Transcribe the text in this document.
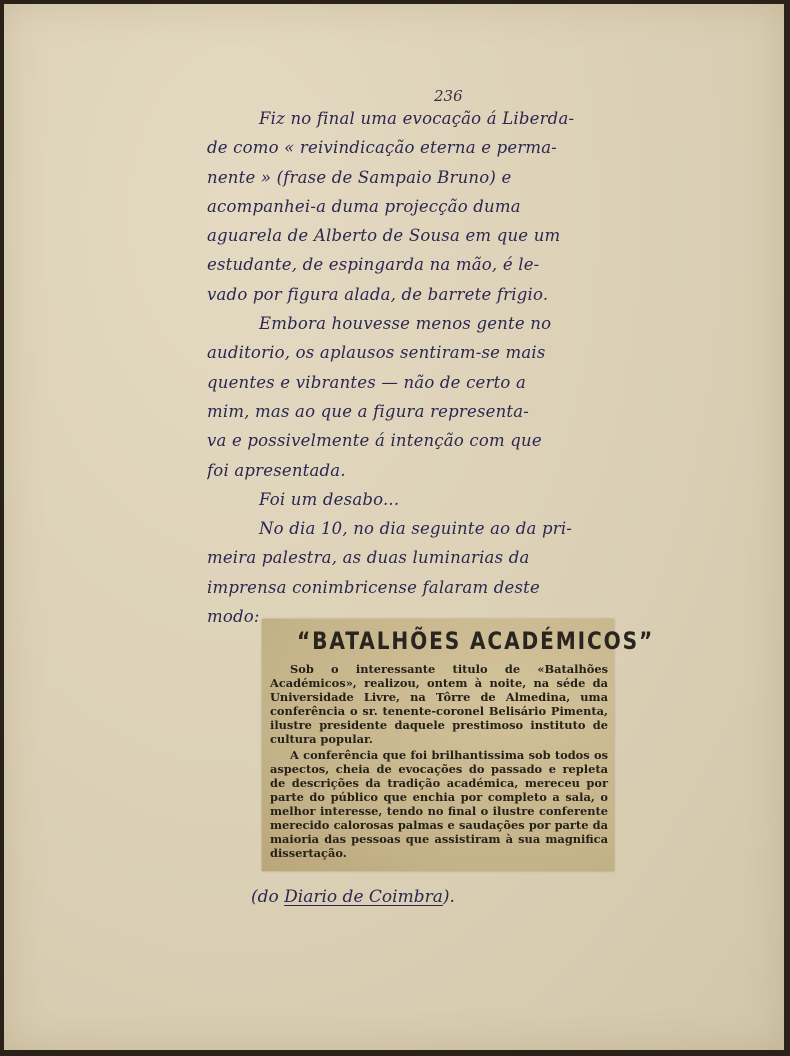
236
Fiz no final uma evocação á Liberda-
de como « reivindicação eterna e perma-
nente » (frase de Sampaio Bruno) e
acompanhei-a duma projecção duma
aguarela de Alberto de Sousa em que um
estudante, de espingarda na mão, é le-
vado por figura alada, de barrete frigio.
Embora houvesse menos gente no
auditorio, os aplausos sentiram-se mais
quentes e vibrantes — não de certo a
mim, mas ao que a figura representa-
va e possivelmente á intenção com que
foi apresentada.
Foi um desabo...
No dia 10, no dia seguinte ao da pri-
meira palestra, as duas luminarias da
imprensa conimbricense falaram deste
modo:
“BATALHÕES ACADÉMICOS”

Sob o interessante titulo de «Batalhões Académicos», realizou, ontem à noite, na séde da Universidade Livre, na Tôrre de Almedina, uma conferência o sr. tenente-coronel Belisário Pimenta, ilustre presidente daquele prestimoso instituto de cultura popular.

A conferência que foi brilhantissima sob todos os aspectos, cheia de evocações do passado e repleta de descrições da tradição académica, mereceu por parte do público que enchia por completo a sala, o melhor interesse, tendo no final o ilustre conferente merecido calorosas palmas e saudações por parte da maioria das pessoas que assistiram à sua magnifica dissertação.

(do Diario de Coimbra).
